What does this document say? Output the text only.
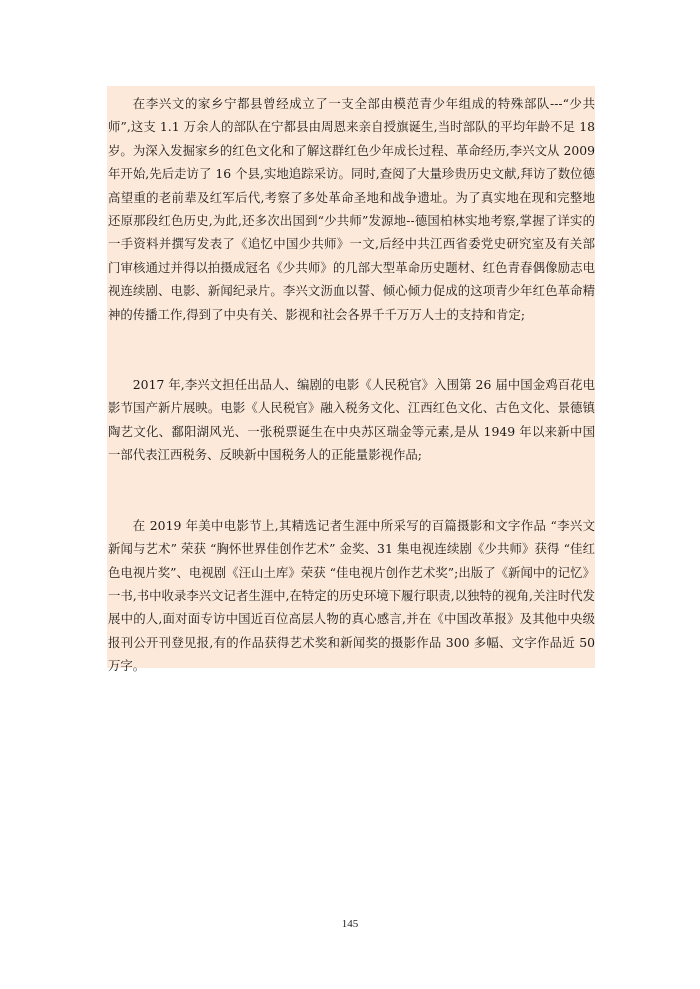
在李兴文的家乡宁都县曾经成立了一支全部由模范青少年组成的特殊部队---“少共师”,这支 1.1 万余人的部队在宁都县由周恩来亲自授旗诞生,当时部队的平均年龄不足 18 岁。为深入发掘家乡的红色文化和了解这群红色少年成长过程、革命经历,李兴文从 2009 年开始,先后走访了 16 个县,实地追踪采访。同时,查阅了大量珍贵历史文献,拜访了数位德高望重的老前辈及红军后代,考察了多处革命圣地和战争遗址。为了真实地在现和完整地还原那段红色历史,为此,还多次出国到“少共师”发源地--德国柏林实地考察,掌握了详实的一手资料并撰写发表了《追忆中国少共师》一文,后经中共江西省委党史研究室及有关部门审核通过并得以拍摄成冠名《少共师》的几部大型革命历史题材、红色青春偶像励志电视连续剧、电影、新闻纪录片。李兴文沥血以誓、倾心倾力促成的这项青少年红色革命精神的传播工作,得到了中央有关、影视和社会各界千千万万人士的支持和肯定;

2017 年,李兴文担任出品人、编剧的电影《人民税官》入围第 26 届中国金鸡百花电影节国产新片展映。电影《人民税官》融入税务文化、江西红色文化、古色文化、景德镇陶艺文化、鄱阳湖风光、一张税票诞生在中央苏区瑞金等元素,是从 1949 年以来新中国一部代表江西税务、反映新中国税务人的正能量影视作品;

在 2019 年美中电影节上,其精选记者生涯中所采写的百篇摄影和文字作品 “李兴文新闻与艺术” 荣获 “胸怀世界佳创作艺术” 金奖、31 集电视连续剧《少共师》获得 “佳红色电视片奖”、电视剧《汪山土库》荣获 “佳电视片创作艺术奖”;出版了《新闻中的记忆》一书,书中收录李兴文记者生涯中,在特定的历史环境下履行职责,以独特的视角,关注时代发展中的人,面对面专访中国近百位高层人物的真心感言,并在《中国改革报》及其他中央级报刊公开刊登见报,有的作品获得艺术奖和新闻奖的摄影作品 300 多幅、文字作品近 50 万字。

145
